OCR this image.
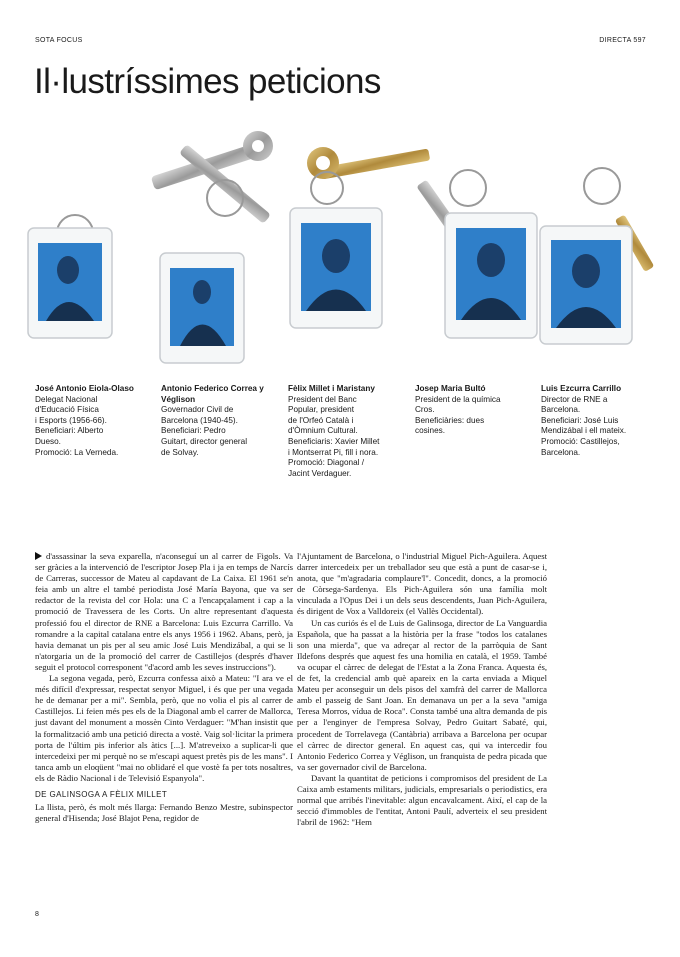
SOTA FOCUS	DIRECTA 597
Il·lustríssimes peticions
José Antonio Eiola-Olaso
Delegat Nacional
d'Educació Física
i Esports (1956-66).
Beneficiari: Alberto
Dueso.
Promoció: La Verneda.
Antonio Federico Correa y Véglison
Governador Civil de
Barcelona (1940-45).
Beneficiari: Pedro
Guitart, director general
de Solvay.
Fèlix Millet i Maristany
President del Banc
Popular, president
de l'Orfeó Català i
d'Òmnium Cultural.
Beneficiaris: Xavier Millet
i Montserrat Pi, fill i nora.
Promoció: Diagonal /
Jacint Verdaguer.
Josep Maria Bultó
President de la química
Cros.
Beneficiàries: dues
cosines.
Luis Ezcurra Carrillo
Director de RNE a
Barcelona.
Beneficiari: José Luis
Mendizábal i ell mateix.
Promoció: Castillejos,
Barcelona.

d'assassinar la seva exparella, n'aconseguí un al carrer de Figols. Va ser gràcies a la intervenció de l'escriptor Josep Pla i ja en temps de Narcís de Carreras, successor de Mateu al capdavant de La Caixa. El 1961 se'n feia amb un altre el també periodista José María Bayona, que va ser redactor de la revista del cor Hola: una C a l'encapçalament i cap a la promoció de Travessera de les Corts. Un altre representant d'aquesta professió fou el director de RNE a Barcelona: Luis Ezcurra Carrillo. Va romandre a la capital catalana entre els anys 1956 i 1962. Abans, però, ja havia demanat un pis per al seu amic José Luis Mendizábal, a qui se li n'atorgaria un de la promoció del carrer de Castillejos (després d'haver seguit el protocol corresponent "d'acord amb les seves instruccions").

La segona vegada, però, Ezcurra confessa això a Mateu: "I ara ve el més difícil d'expressar, respectat senyor Miguel, i és que per una vegada he de demanar per a mi". Sembla, però, que no volia el pis al carrer de Castillejos. Li feien més pes els de la Diagonal amb el carrer de Mallorca, just davant del monument a mossèn Cinto Verdaguer: "M'han insistit que la formalització amb una petició directa a vostè. Vaig sol·licitar la primera porta de l'últim pis inferior als àtics [...]. M'atreveixo a suplicar-li que intercedeixi per mi perquè no se m'escapi aquest pretès pis de les mans". I tanca amb un eloqüent "mai no oblidaré el que vostè fa per tots nosaltres, els de Ràdio Nacional i de Televisió Espanyola".

DE GALINSOGA A FÈLIX MILLET

La llista, però, és molt més llarga: Fernando Benzo Mestre, subinspector general d'Hisenda; José Blajot Pena, regidor de

l'Ajuntament de Barcelona, o l'industrial Miguel Pich-Aguilera. Aquest darrer intercedeix per un treballador seu que està a punt de casar-se i, anota, que "m'agradaria complaure'l". Concedit, doncs, a la promoció de Còrsega-Sardenya. Els Pich-Aguilera són una família molt vinculada a l'Opus Dei i un dels seus descendents, Juan Pich-Aguilera, és dirigent de Vox a Valldoreix (el Vallès Occidental).

Un cas curiós és el de Luis de Galinsoga, director de La Vanguardia Española, que ha passat a la història per la frase "todos los catalanes son una mierda", que va adreçar al rector de la parròquia de Sant Ildefons després que aquest fes una homilia en català, el 1959. També va ocupar el càrrec de delegat de l'Estat a la Zona Franca. Aquesta és, de fet, la credencial amb què apareix en la carta enviada a Miquel Mateu per aconseguir un dels pisos del xamfrà del carrer de Mallorca amb el passeig de Sant Joan. En demanava un per a la seva "amiga Teresa Morros, vídua de Roca". Consta també una altra demanda de pis per a l'enginyer de l'empresa Solvay, Pedro Guitart Sabaté, qui, procedent de Torrelavega (Cantàbria) arribava a Barcelona per ocupar el càrrec de director general. En aquest cas, qui va intercedir fou Antonio Federico Correa y Véglison, un franquista de pedra picada que va ser governador civil de Barcelona.

Davant la quantitat de peticions i compromisos del president de La Caixa amb estaments militars, judicials, empresarials o periodistics, era normal que arribés l'inevitable: algun encavalcament. Així, el cap de la secció d'immobles de l'entitat, Antoni Paulí, adverteix el seu president l'abril de 1962: "Hem

8
